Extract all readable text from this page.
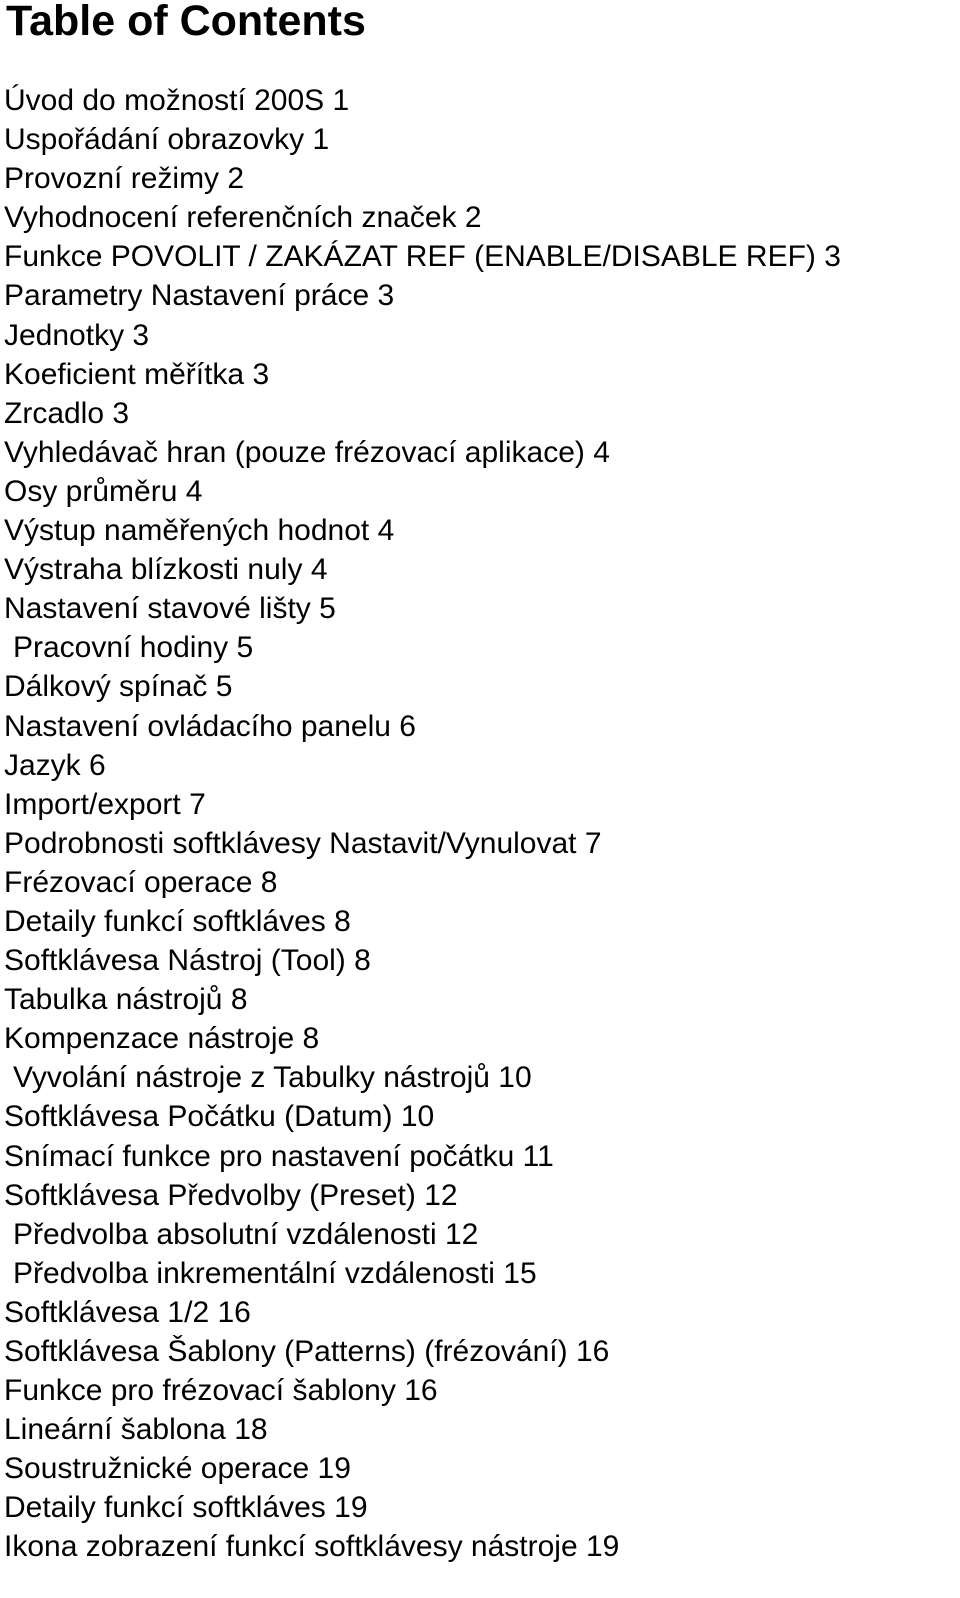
Table of Contents
Úvod do možností 200S 1
Uspořádání obrazovky 1
Provozní režimy 2
Vyhodnocení referenčních značek 2
Funkce POVOLIT / ZAKÁZAT REF (ENABLE/DISABLE REF) 3
Parametry Nastavení práce 3
Jednotky 3
Koeficient měřítka 3
Zrcadlo 3
Vyhledávač hran (pouze frézovací aplikace) 4
Osy průměru 4
Výstup naměřených hodnot 4
Výstraha blízkosti nuly 4
Nastavení stavové lišty 5
Pracovní hodiny 5
Dálkový spínač 5
Nastavení ovládacího panelu 6
Jazyk 6
Import/export 7
Podrobnosti softklávesy Nastavit/Vynulovat 7
Frézovací operace 8
Detaily funkcí softkláves 8
Softklávesa Nástroj (Tool) 8
Tabulka nástrojů 8
Kompenzace nástroje 8
Vyvolání nástroje z Tabulky nástrojů 10
Softklávesa Počátku (Datum) 10
Snímací funkce pro nastavení počátku 11
Softklávesa Předvolby (Preset) 12
Předvolba absolutní vzdálenosti 12
Předvolba inkrementální vzdálenosti 15
Softklávesa 1/2 16
Softklávesa Šablony (Patterns) (frézování) 16
Funkce pro frézovací šablony 16
Lineární šablona 18
Soustružnické operace 19
Detaily funkcí softkláves 19
Ikona zobrazení funkcí softklávesy nástroje 19
